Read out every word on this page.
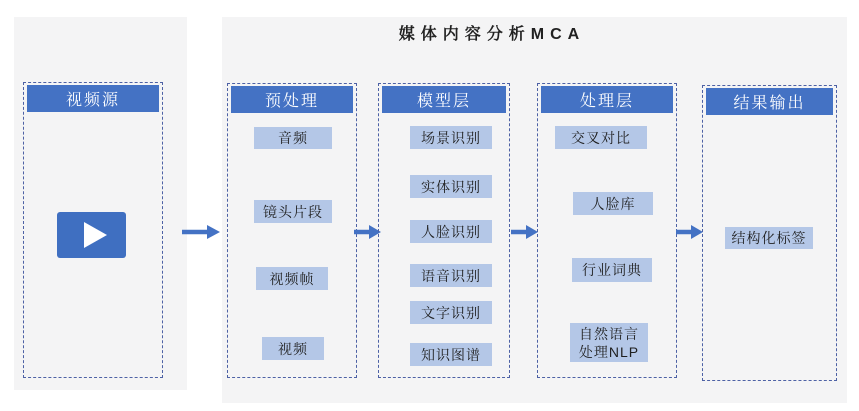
媒体内容分析MCA
视频源	预处理
音频
镜头片段
视频帧
视频
模型层
场景识别
实体识别
人脸识别
语音识别
文字识别
知识图谱
处理层
交叉对比
人脸库
行业词典
自然语言
处理NLP
结果输出
结构化标签
